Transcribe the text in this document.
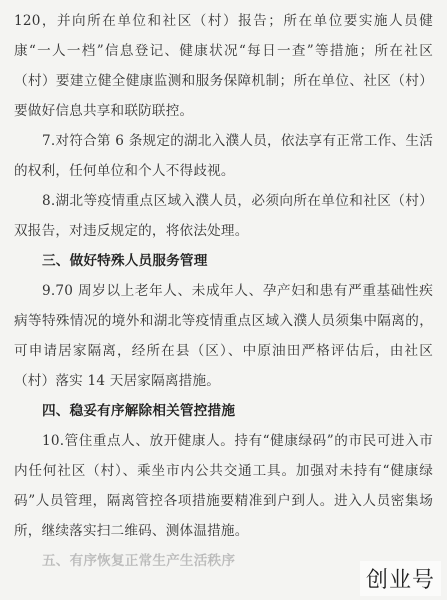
120，并向所在单位和社区（村）报告；所在单位要实施人员健康“一人一档”信息登记、健康状况“每日一查”等措施；所在社区（村）要建立健全健康监测和服务保障机制；所在单位、社区（村）要做好信息共享和联防联控。

7.对符合第 6 条规定的湖北入濮人员，依法享有正常工作、生活的权利，任何单位和个人不得歧视。

8.湖北等疫情重点区域入濮人员，必须向所在单位和社区（村）双报告，对违反规定的，将依法处理。

三、做好特殊人员服务管理

9.70 周岁以上老年人、未成年人、孕产妇和患有严重基础性疾病等特殊情况的境外和湖北等疫情重点区域入濮人员须集中隔离的，可申请居家隔离，经所在县（区）、中原油田严格评估后，由社区（村）落实 14 天居家隔离措施。

四、稳妥有序解除相关管控措施

10.管住重点人、放开健康人。持有“健康绿码”的市民可进入市内任何社区（村）、乘坐市内公共交通工具。加强对未持有“健康绿码”人员管理，隔离管控各项措施要精准到户到人。进入人员密集场所，继续落实扫二维码、测体温措施。

五、有序恢复正常生产生活秩序

创业号
